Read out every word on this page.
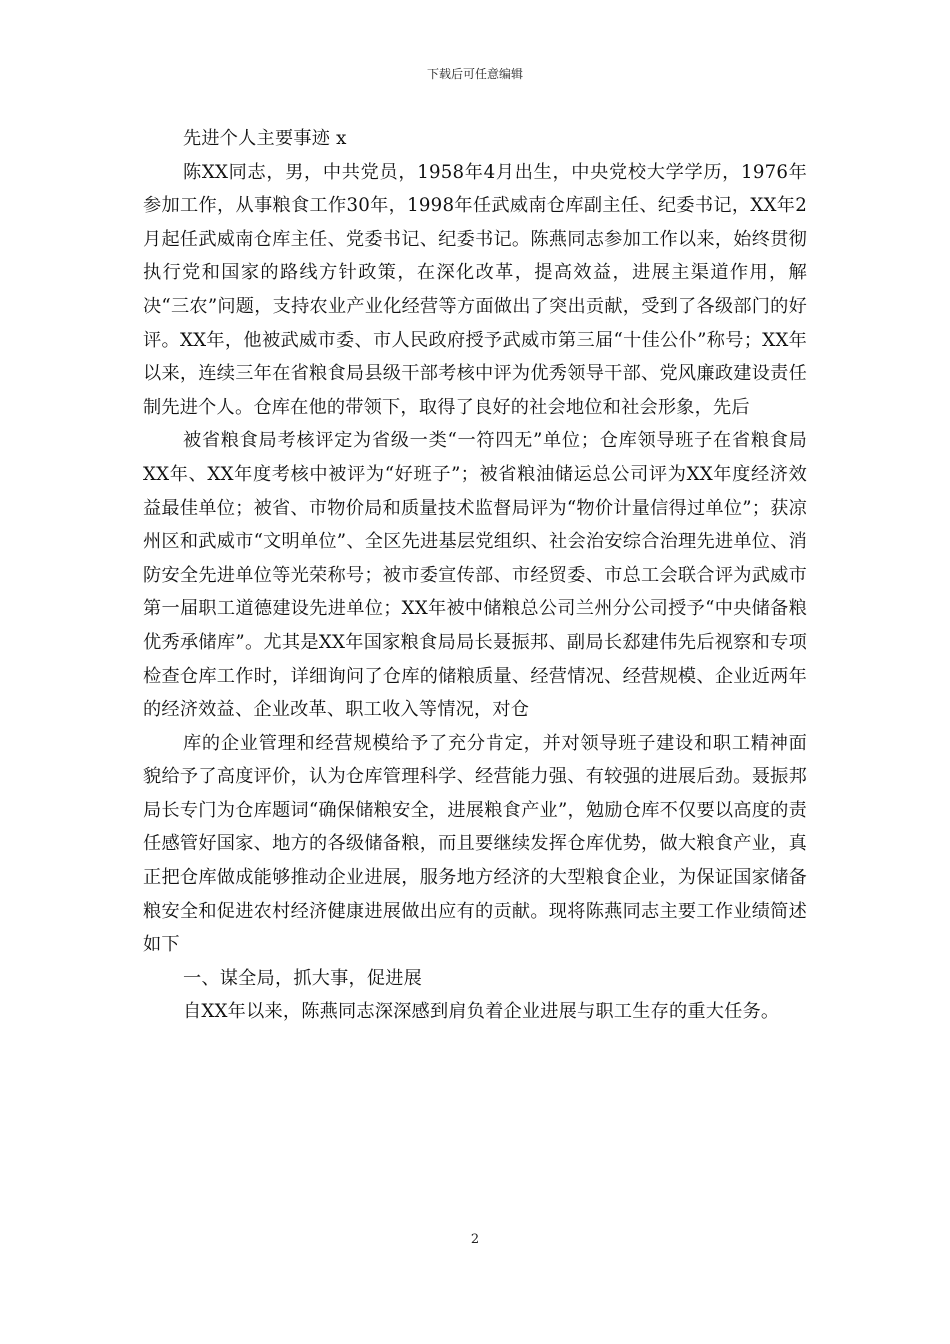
下载后可任意编辑

先进个人主要事迹 x

陈XX同志，男，中共党员，1958年4月出生，中央党校大学学历，1976年参加工作，从事粮食工作30年，1998年任武威南仓库副主任、纪委书记，XX年2月起任武威南仓库主任、党委书记、纪委书记。陈燕同志参加工作以来，始终贯彻执行党和国家的路线方针政策，在深化改革，提高效益，进展主渠道作用，解决“三农”问题，支持农业产业化经营等方面做出了突出贡献，受到了各级部门的好评。XX年，他被武威市委、市人民政府授予武威市第三届“十佳公仆”称号；XX年以来，连续三年在省粮食局县级干部考核中评为优秀领导干部、党风廉政建设责任制先进个人。仓库在他的带领下，取得了良好的社会地位和社会形象，先后

被省粮食局考核评定为省级一类“一符四无”单位；仓库领导班子在省粮食局XX年、XX年度考核中被评为“好班子”；被省粮油储运总公司评为XX年度经济效益最佳单位；被省、市物价局和质量技术监督局评为“物价计量信得过单位”；获凉州区和武威市“文明单位”、全区先进基层党组织、社会治安综合治理先进单位、消防安全先进单位等光荣称号；被市委宣传部、市经贸委、市总工会联合评为武威市第一届职工道德建设先进单位；XX年被中储粮总公司兰州分公司授予“中央储备粮优秀承储库”。尤其是XX年国家粮食局局长聂振邦、副局长郄建伟先后视察和专项检查仓库工作时，详细询问了仓库的储粮质量、经营情况、经营规模、企业近两年的经济效益、企业改革、职工收入等情况，对仓

库的企业管理和经营规模给予了充分肯定，并对领导班子建设和职工精神面貌给予了高度评价，认为仓库管理科学、经营能力强、有较强的进展后劲。聂振邦局长专门为仓库题词“确保储粮安全，进展粮食产业”，勉励仓库不仅要以高度的责任感管好国家、地方的各级储备粮，而且要继续发挥仓库优势，做大粮食产业，真正把仓库做成能够推动企业进展，服务地方经济的大型粮食企业，为保证国家储备粮安全和促进农村经济健康进展做出应有的贡献。现将陈燕同志主要工作业绩简述如下

一、谋全局，抓大事，促进展

自XX年以来，陈燕同志深深感到肩负着企业进展与职工生存的重大任务。

2
